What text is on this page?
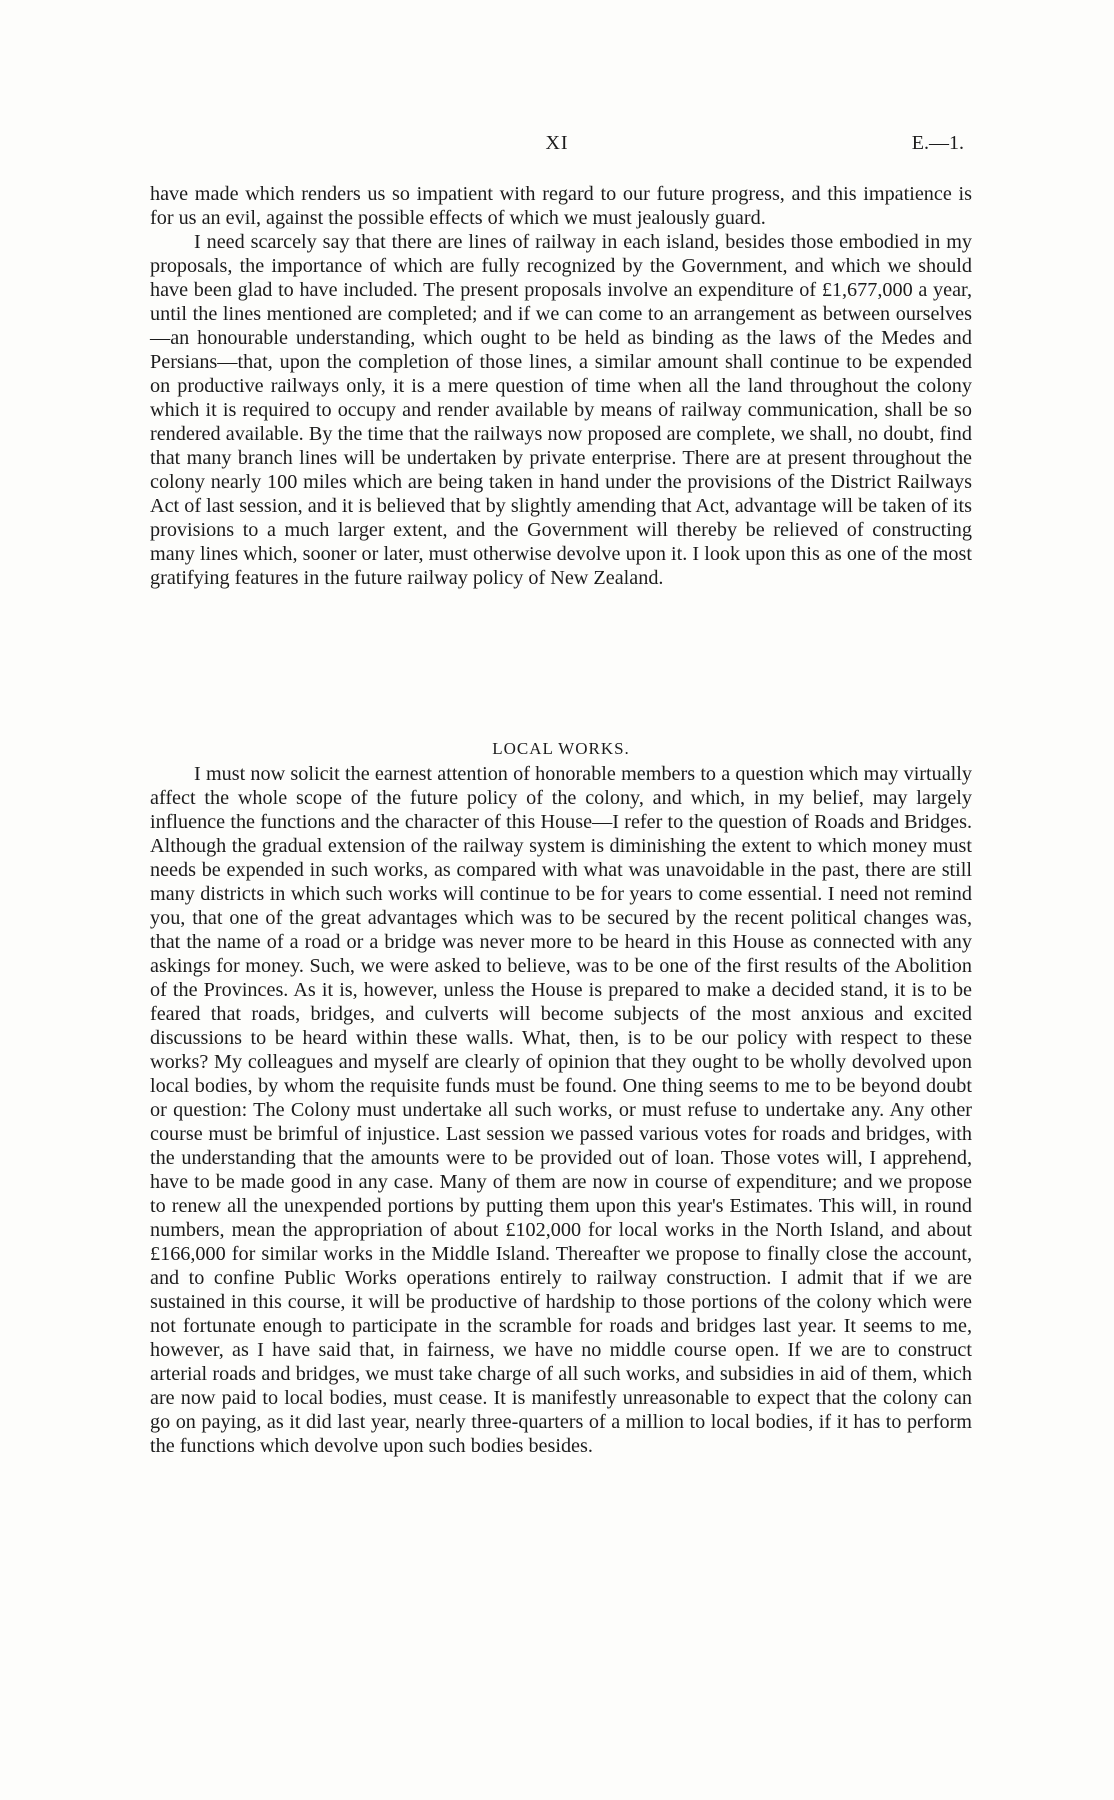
XI	E.—1.

have made which renders us so impatient with regard to our future progress, and this impatience is for us an evil, against the possible effects of which we must jealously guard.

I need scarcely say that there are lines of railway in each island, besides those embodied in my proposals, the importance of which are fully recognized by the Government, and which we should have been glad to have included. The present proposals involve an expenditure of £1,677,000 a year, until the lines mentioned are completed; and if we can come to an arrangement as between ourselves—an honourable understanding, which ought to be held as binding as the laws of the Medes and Persians—that, upon the completion of those lines, a similar amount shall continue to be expended on productive railways only, it is a mere question of time when all the land throughout the colony which it is required to occupy and render available by means of railway communication, shall be so rendered available. By the time that the railways now proposed are complete, we shall, no doubt, find that many branch lines will be undertaken by private enterprise. There are at present throughout the colony nearly 100 miles which are being taken in hand under the provisions of the District Railways Act of last session, and it is believed that by slightly amending that Act, advantage will be taken of its provisions to a much larger extent, and the Government will thereby be relieved of constructing many lines which, sooner or later, must otherwise devolve upon it. I look upon this as one of the most gratifying features in the future railway policy of New Zealand.

LOCAL WORKS.

I must now solicit the earnest attention of honorable members to a question which may virtually affect the whole scope of the future policy of the colony, and which, in my belief, may largely influence the functions and the character of this House—I refer to the question of Roads and Bridges. Although the gradual extension of the railway system is diminishing the extent to which money must needs be expended in such works, as compared with what was unavoidable in the past, there are still many districts in which such works will continue to be for years to come essential. I need not remind you, that one of the great advantages which was to be secured by the recent political changes was, that the name of a road or a bridge was never more to be heard in this House as connected with any askings for money. Such, we were asked to believe, was to be one of the first results of the Abolition of the Provinces. As it is, however, unless the House is prepared to make a decided stand, it is to be feared that roads, bridges, and culverts will become subjects of the most anxious and excited discussions to be heard within these walls. What, then, is to be our policy with respect to these works? My colleagues and myself are clearly of opinion that they ought to be wholly devolved upon local bodies, by whom the requisite funds must be found. One thing seems to me to be beyond doubt or question: The Colony must undertake all such works, or must refuse to undertake any. Any other course must be brimful of injustice. Last session we passed various votes for roads and bridges, with the understanding that the amounts were to be provided out of loan. Those votes will, I apprehend, have to be made good in any case. Many of them are now in course of expenditure; and we propose to renew all the unexpended portions by putting them upon this year's Estimates. This will, in round numbers, mean the appropriation of about £102,000 for local works in the North Island, and about £166,000 for similar works in the Middle Island. Thereafter we propose to finally close the account, and to confine Public Works operations entirely to railway construction. I admit that if we are sustained in this course, it will be productive of hardship to those portions of the colony which were not fortunate enough to participate in the scramble for roads and bridges last year. It seems to me, however, as I have said that, in fairness, we have no middle course open. If we are to construct arterial roads and bridges, we must take charge of all such works, and subsidies in aid of them, which are now paid to local bodies, must cease. It is manifestly unreasonable to expect that the colony can go on paying, as it did last year, nearly three-quarters of a million to local bodies, if it has to perform the functions which devolve upon such bodies besides.
